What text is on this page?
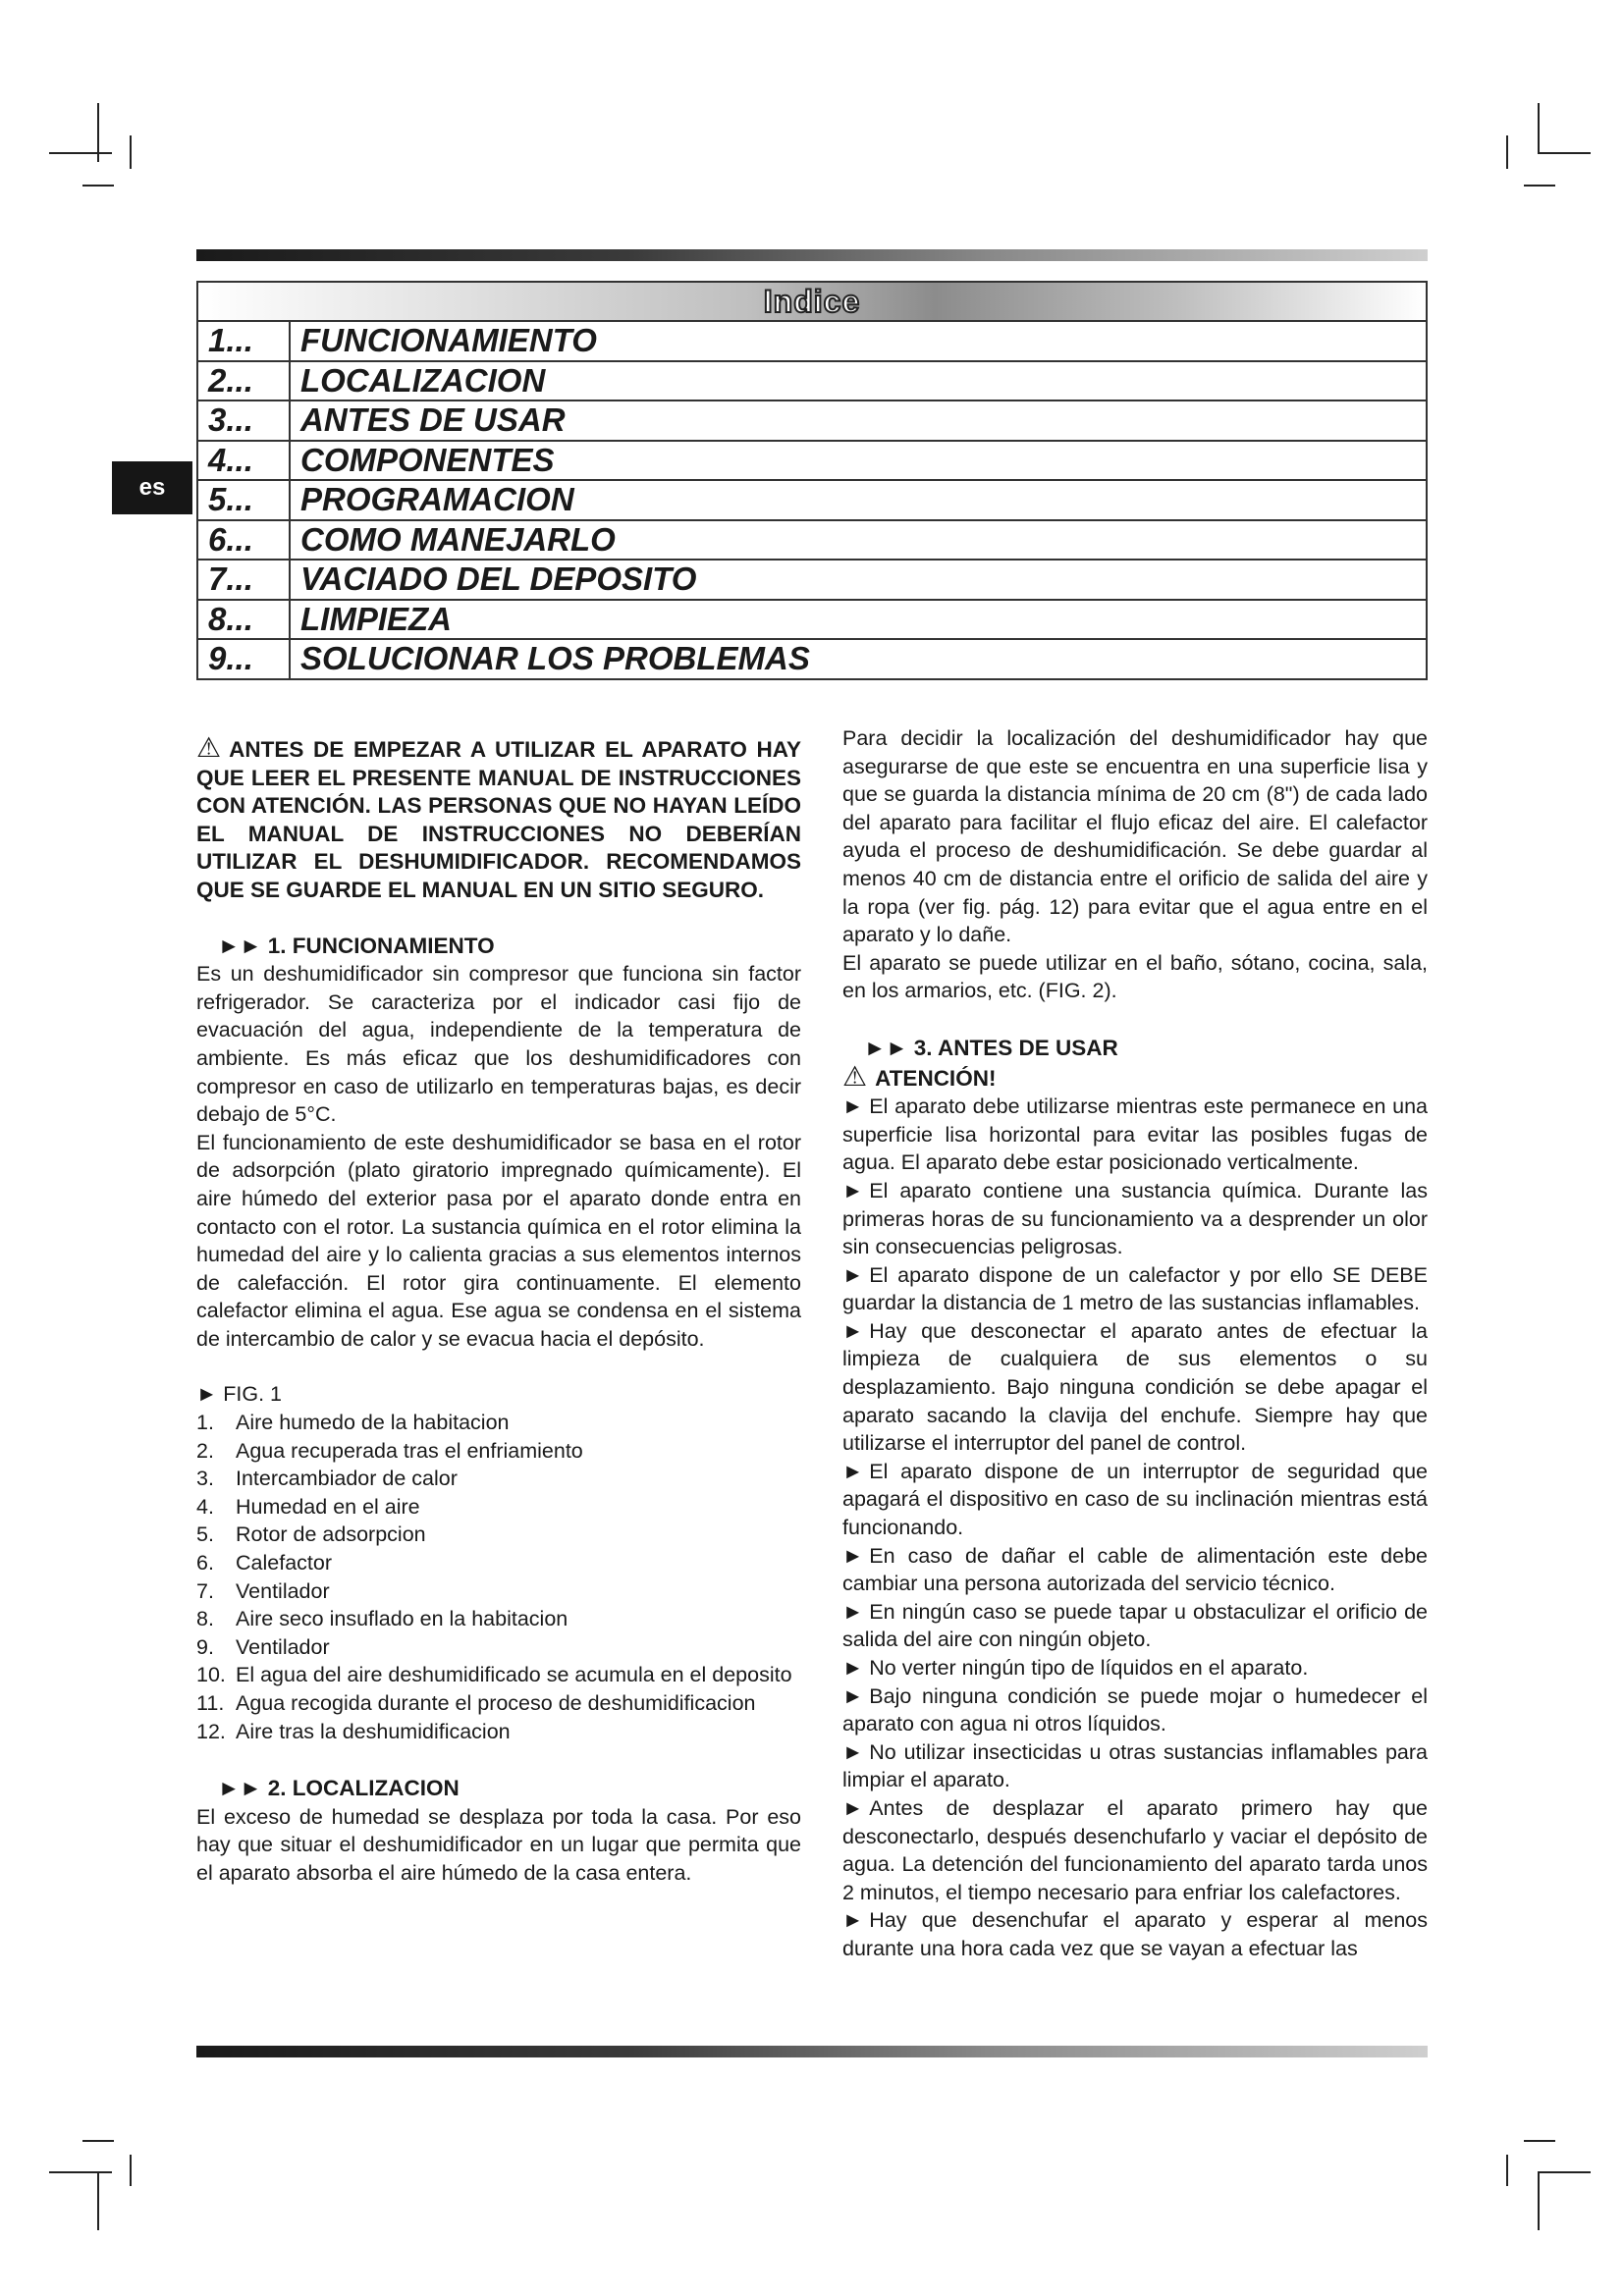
es
Indice	
1...	FUNCIONAMIENTO
2...	LOCALIZACION
3...	ANTES DE USAR
4...	COMPONENTES
5...	PROGRAMACION
6...	COMO MANEJARLO
7...	VACIADO DEL DEPOSITO
8...	LIMPIEZA
9...	SOLUCIONAR LOS PROBLEMAS

⚠ ANTES DE EMPEZAR A UTILIZAR EL APARATO HAY QUE LEER EL PRESENTE MANUAL DE INSTRUCCIONES CON ATENCIÓN. LAS PERSONAS QUE NO HAYAN LEÍDO EL MANUAL DE INSTRUCCIONES NO DEBERÍAN UTILIZAR EL DESHUMIDIFICADOR. RECOMENDAMOS QUE SE GUARDE EL MANUAL EN UN SITIO SEGURO.

►► 1. FUNCIONAMIENTO

Es un deshumidificador sin compresor que funciona sin factor refrigerador. Se caracteriza por el indicador casi fijo de evacuación del agua, independiente de la temperatura de ambiente. Es más eficaz que los deshumidificadores con compresor en caso de utilizarlo en temperaturas bajas, es decir debajo de 5°C.

El funcionamiento de este deshumidificador se basa en el rotor de adsorpción (plato giratorio impregnado químicamente). El aire húmedo del exterior pasa por el aparato donde entra en contacto con el rotor. La sustancia química en el rotor elimina la humedad del aire y lo calienta gracias a sus elementos internos de calefacción. El rotor gira continuamente. El elemento calefactor elimina el agua. Ese agua se condensa en el sistema de intercambio de calor y se evacua hacia el depósito.

► FIG. 1

1.	Aire humedo de la habitacion
2.	Agua recuperada tras el enfriamiento
3.	Intercambiador de calor
4.	Humedad en el aire
5.	Rotor de adsorpcion
6.	Calefactor
7.	Ventilador
8.	Aire seco insuflado en la habitacion
9.	Ventilador
10. El agua del aire deshumidificado se acumula en el deposito
11. Agua recogida durante el proceso de deshumidificacion
12. Aire tras la deshumidificacion

►► 2. LOCALIZACION

El exceso de humedad se desplaza por toda la casa. Por eso hay que situar el deshumidificador en un lugar que permita que el aparato absorba el aire húmedo de la casa entera.

Para decidir la localización del deshumidificador hay que asegurarse de que este se encuentra en una superficie lisa y que se guarda la distancia mínima de 20 cm (8") de cada lado del aparato para facilitar el flujo eficaz del aire. El calefactor ayuda el proceso de deshumidificación. Se debe guardar al menos 40 cm de distancia entre el orificio de salida del aire y la ropa (ver fig. pág. 12) para evitar que el agua entre en el aparato y lo dañe.

El aparato se puede utilizar en el baño, sótano, cocina, sala, en los armarios, etc. (FIG. 2).

►► 3. ANTES DE USAR

⚠ ATENCIÓN!

► El aparato debe utilizarse mientras este permanece en una superficie lisa horizontal para evitar las posibles fugas de agua. El aparato debe estar posicionado verticalmente.

► El aparato contiene una sustancia química. Durante las primeras horas de su funcionamiento va a desprender un olor sin consecuencias peligrosas.

► El aparato dispone de un calefactor y por ello SE DEBE guardar la distancia de 1 metro de las sustancias inflamables.

► Hay que desconectar el aparato antes de efectuar la limpieza de cualquiera de sus elementos o su desplazamiento. Bajo ninguna condición se debe apagar el aparato sacando la clavija del enchufe. Siempre hay que utilizarse el interruptor del panel de control.

► El aparato dispone de un interruptor de seguridad que apagará el dispositivo en caso de su inclinación mientras está funcionando.

► En caso de dañar el cable de alimentación este debe cambiar una persona autorizada del servicio técnico.

► En ningún caso se puede tapar u obstaculizar el orificio de salida del aire con ningún objeto.

► No verter ningún tipo de líquidos en el aparato.

► Bajo ninguna condición se puede mojar o humedecer el aparato con agua ni otros líquidos.

► No utilizar insecticidas u otras sustancias inflamables para limpiar el aparato.

► Antes de desplazar el aparato primero hay que desconectarlo, después desenchufarlo y vaciar el depósito de agua. La detención del funcionamiento del aparato tarda unos 2 minutos, el tiempo necesario para enfriar los calefactores.

► Hay que desenchufar el aparato y esperar al menos durante una hora cada vez que se vayan a efectuar las
